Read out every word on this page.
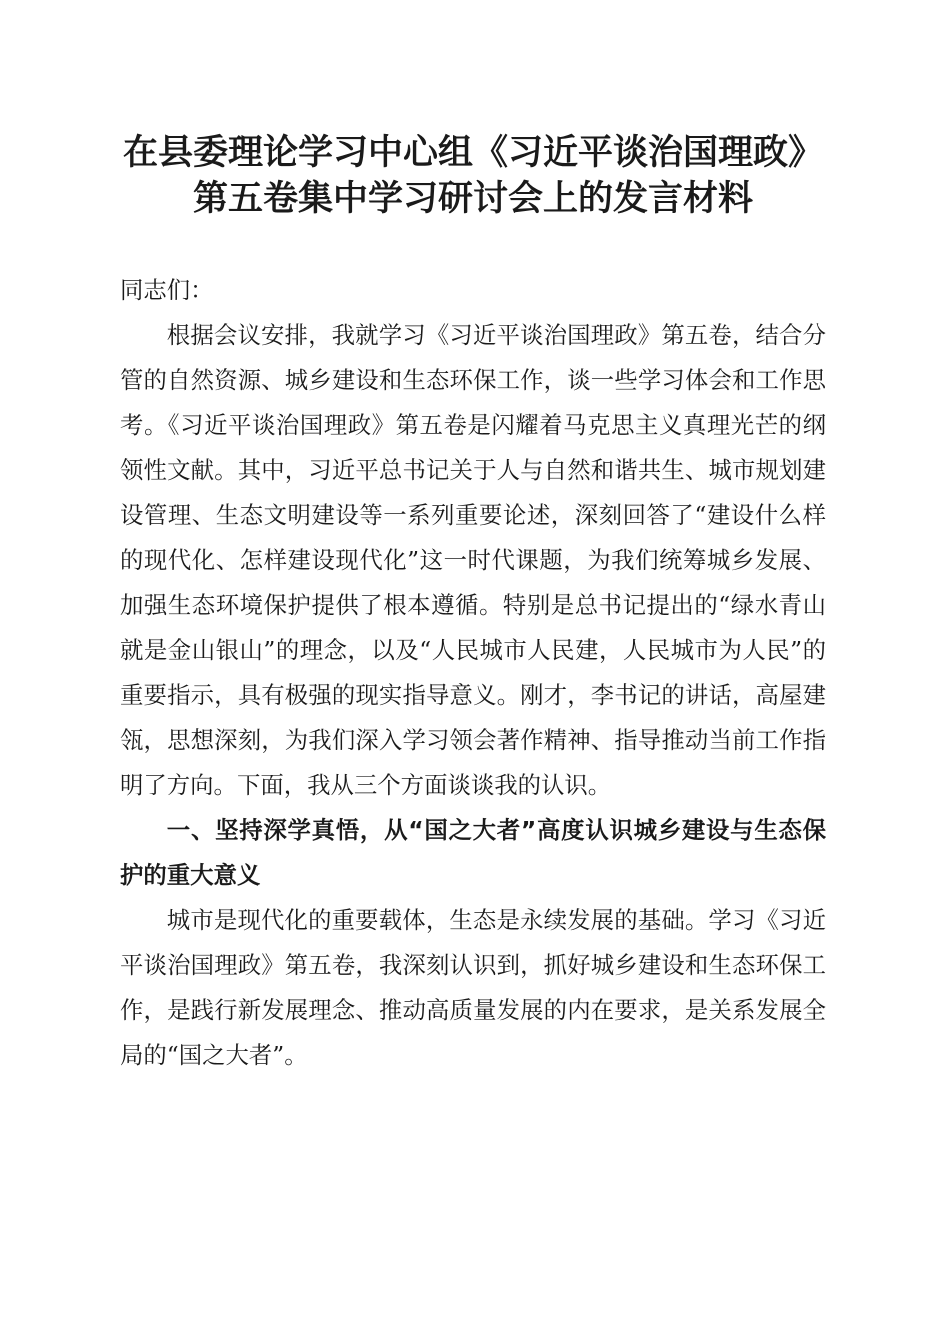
在县委理论学习中心组《习近平谈治国理政》
第五卷集中学习研讨会上的发言材料

同志们：

根据会议安排，我就学习《习近平谈治国理政》第五卷，结合分管的自然资源、城乡建设和生态环保工作，谈一些学习体会和工作思考。《习近平谈治国理政》第五卷是闪耀着马克思主义真理光芒的纲领性文献。其中，习近平总书记关于人与自然和谐共生、城市规划建设管理、生态文明建设等一系列重要论述，深刻回答了“建设什么样的现代化、怎样建设现代化”这一时代课题，为我们统筹城乡发展、加强生态环境保护提供了根本遵循。特别是总书记提出的“绿水青山就是金山银山”的理念，以及“人民城市人民建，人民城市为人民”的重要指示，具有极强的现实指导意义。刚才，李书记的讲话，高屋建瓴，思想深刻，为我们深入学习领会著作精神、指导推动当前工作指明了方向。下面，我从三个方面谈谈我的认识。

一、坚持深学真悟，从“国之大者”高度认识城乡建设与生态保护的重大意义

城市是现代化的重要载体，生态是永续发展的基础。学习《习近平谈治国理政》第五卷，我深刻认识到，抓好城乡建设和生态环保工作，是践行新发展理念、推动高质量发展的内在要求，是关系发展全局的“国之大者”。
